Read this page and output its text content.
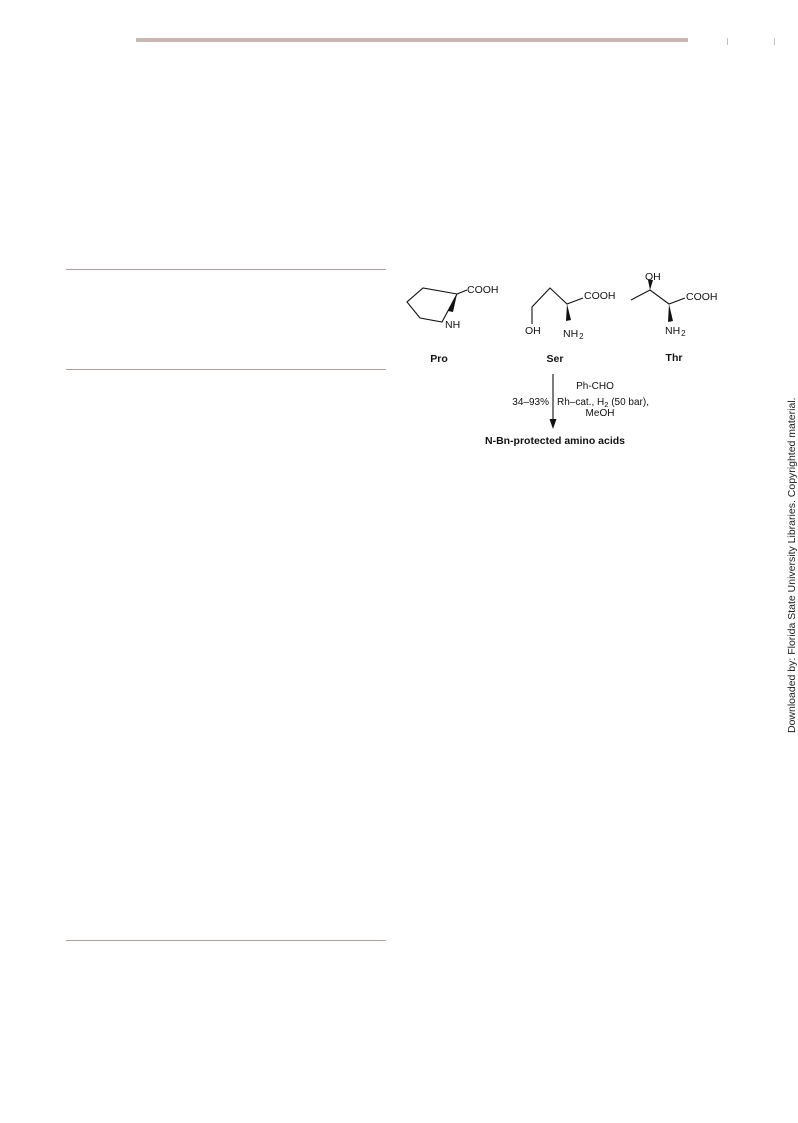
COOH
NH
Pro
COOH
OH NH2
Ser
OH
COOH
NH2
Thr
Ph-CHO
Rh–cat., $H_2$ (50 bar),
MeOH
34–93%
N-Bn-protected amino acids	Downloaded by: Florida State University Libraries. Copyrighted material.
